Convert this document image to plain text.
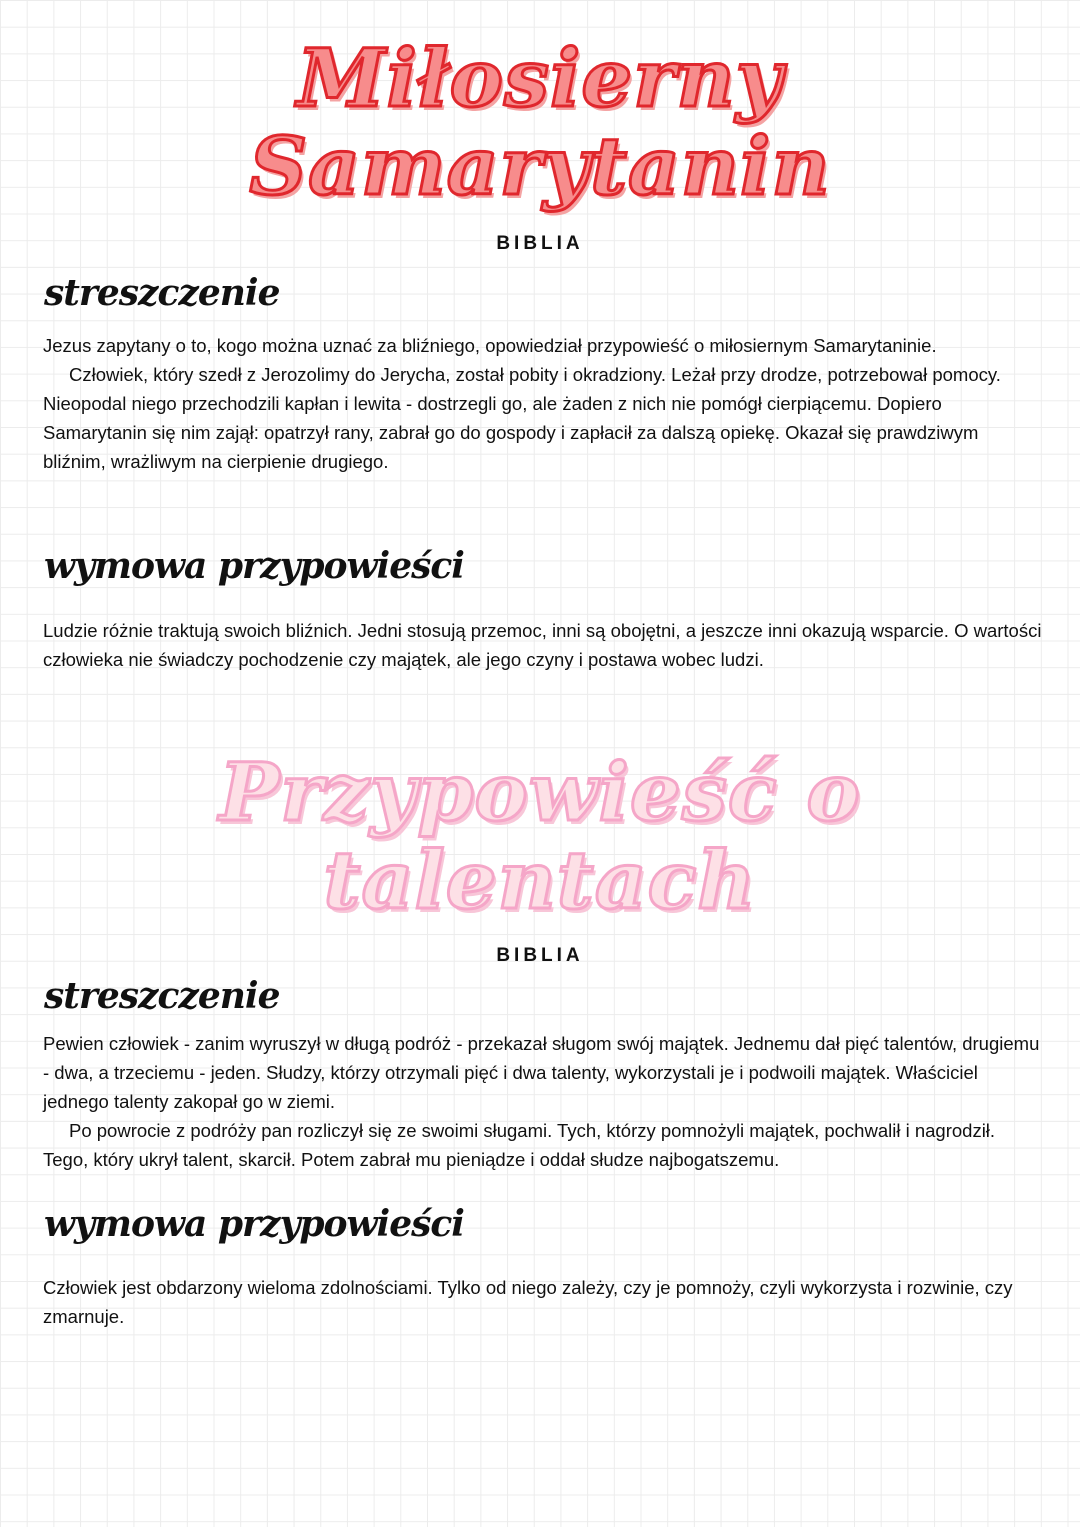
Miłosierny
Samarytanin
BIBLIA
streszczenie

Jezus zapytany o to, kogo można uznać za bliźniego, opowiedział przypowieść o miłosiernym Samarytaninie.

Człowiek, który szedł z Jerozolimy do Jerycha, został pobity i okradziony. Leżał przy drodze, potrzebował pomocy. Nieopodal niego przechodzili kapłan i lewita - dostrzegli go, ale żaden z nich nie pomógł cierpiącemu. Dopiero Samarytanin się nim zajął: opatrzył rany, zabrał go do gospody i zapłacił za dalszą opiekę. Okazał się prawdziwym bliźnim, wrażliwym na cierpienie drugiego.

wymowa przypowieści

Ludzie różnie traktują swoich bliźnich. Jedni stosują przemoc, inni są obojętni, a jeszcze inni okazują wsparcie. O wartości człowieka nie świadczy pochodzenie czy majątek, ale jego czyny i postawa wobec ludzi.

Przypowieść o
talentach
BIBLIA
streszczenie

Pewien człowiek - zanim wyruszył w długą podróż - przekazał sługom swój majątek. Jednemu dał pięć talentów, drugiemu - dwa, a trzeciemu - jeden. Słudzy, którzy otrzymali pięć i dwa talenty, wykorzystali je i podwoili majątek. Właściciel jednego talenty zakopał go w ziemi.

Po powrocie z podróży pan rozliczył się ze swoimi sługami. Tych, którzy pomnożyli majątek, pochwalił i nagrodził. Tego, który ukrył talent, skarcił. Potem zabrał mu pieniądze i oddał słudze najbogatszemu.

wymowa przypowieści

Człowiek jest obdarzony wieloma zdolnościami. Tylko od niego zależy, czy je pomnoży, czyli wykorzysta i rozwinie, czy zmarnuje.
